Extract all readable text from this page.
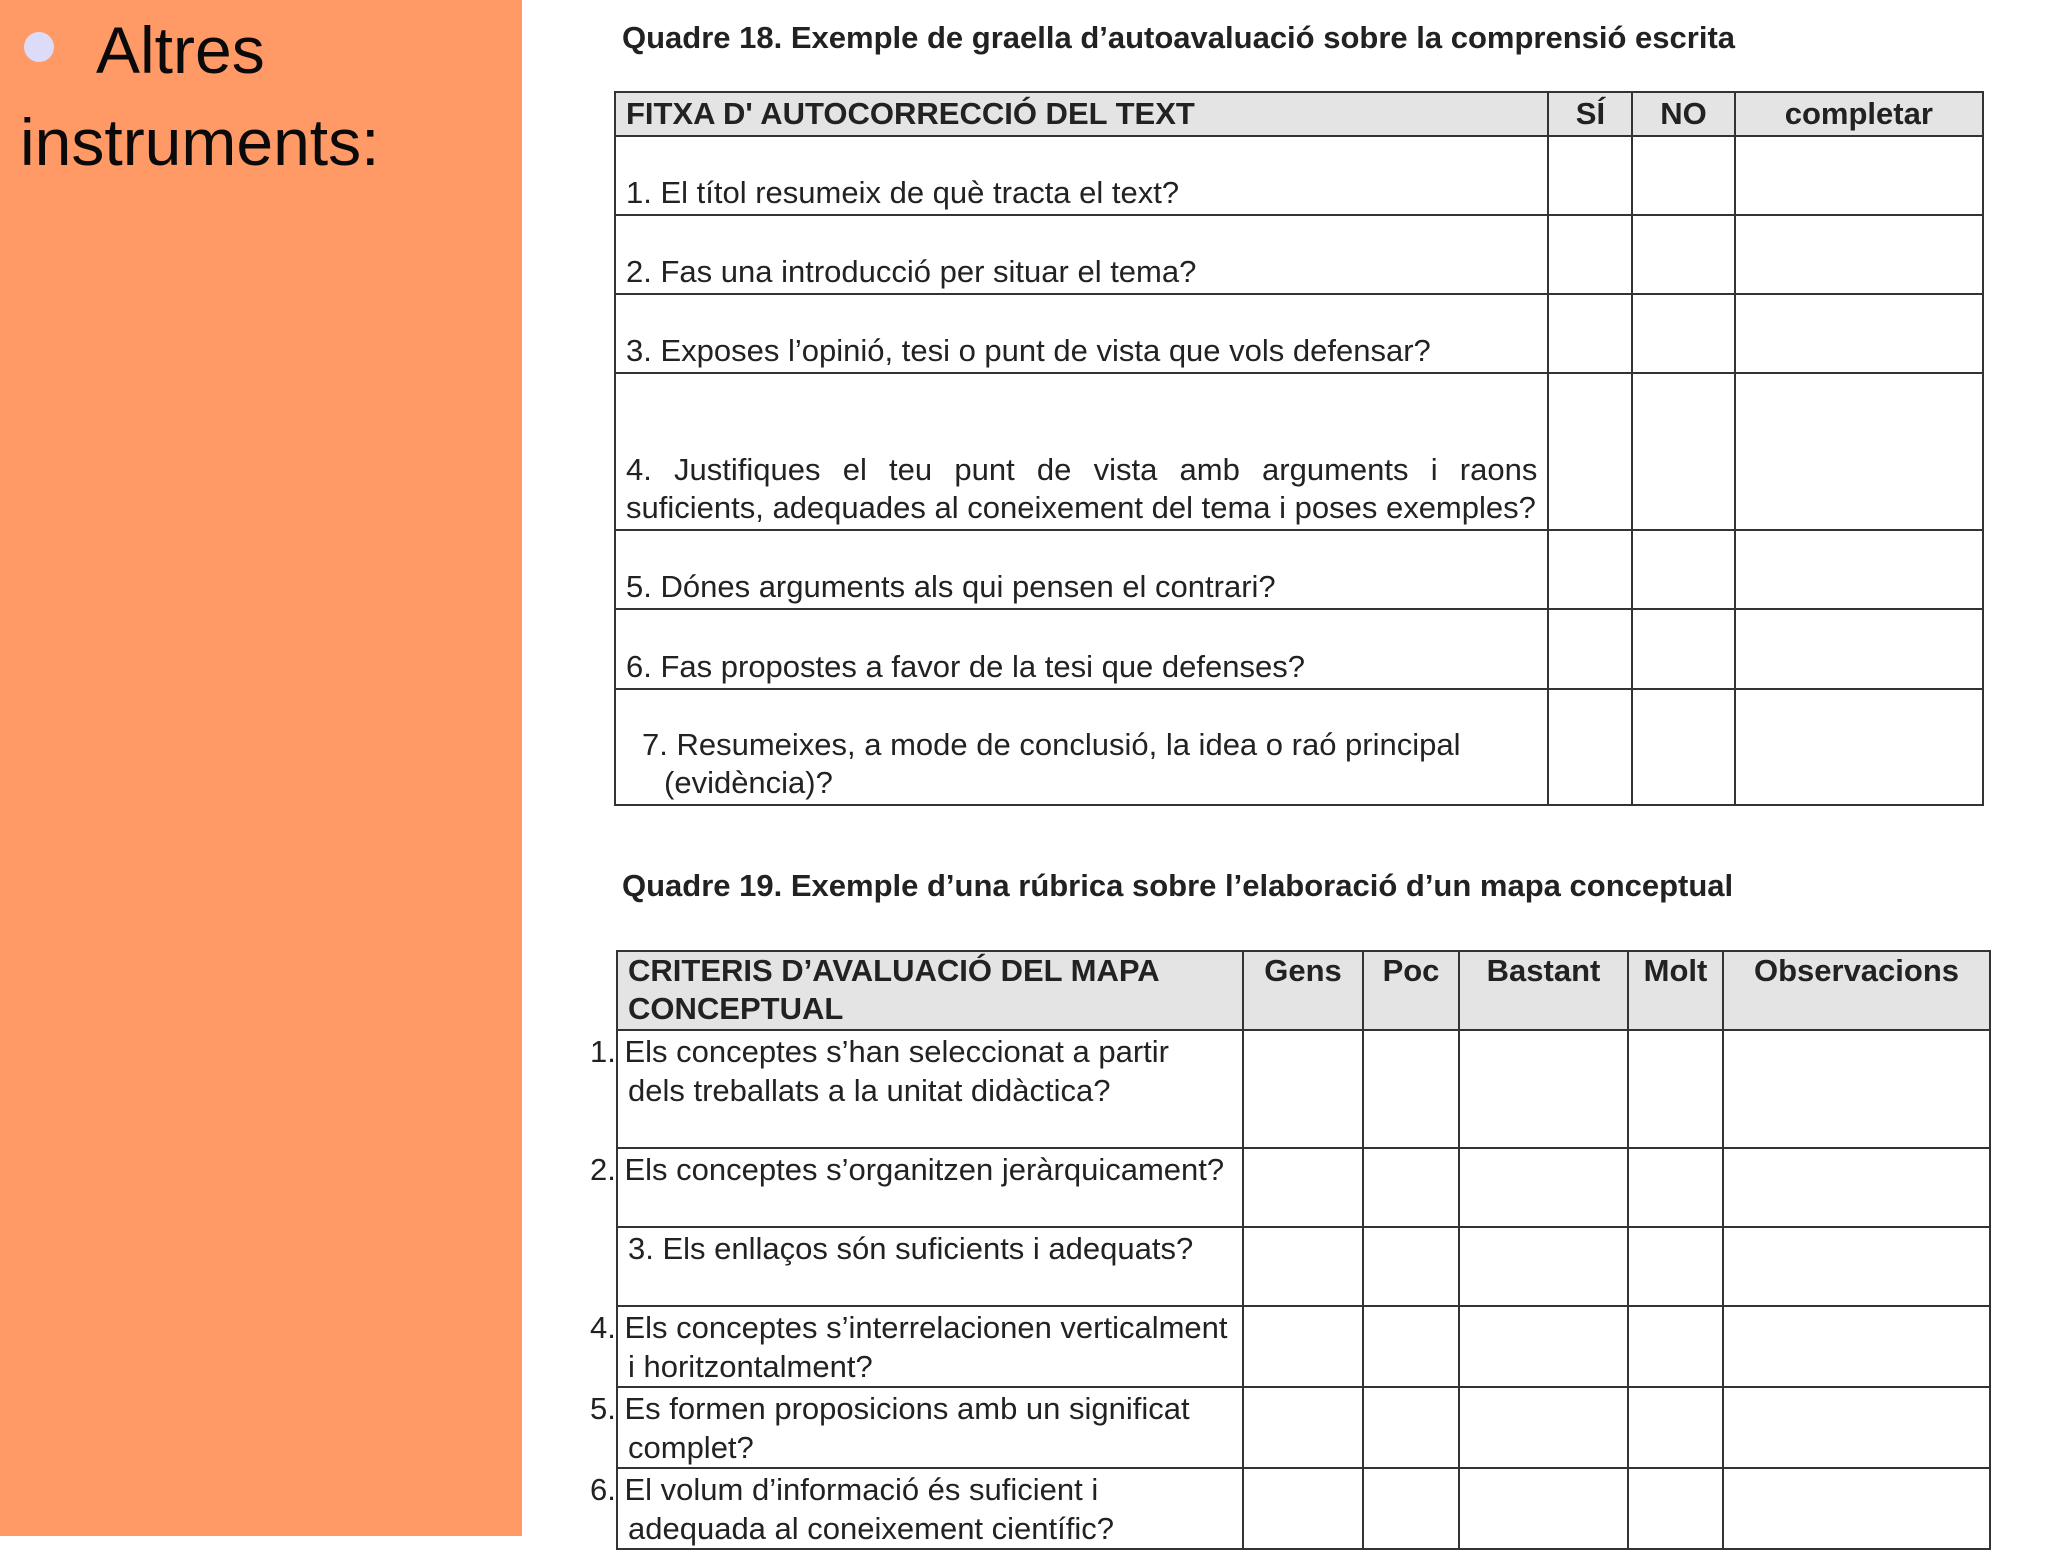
Altres
instruments:
Quadre 18. Exemple de graella d’autoavaluació sobre la comprensió escrita
FITXA D' AUTOCORRECCIÓ DEL TEXT	SÍ	NO	completar
1. El títol resumeix de què tracta el text?			
2. Fas una introducció per situar el tema?			
3. Exposes l’opinió, tesi o punt de vista que vols defensar?			
4. Justifiques el teu punt de vista amb arguments i raons suficients, adequades al coneixement del tema i poses exemples?			
5. Dónes arguments als qui pensen el contrari?			
6. Fas propostes a favor de la tesi que defenses?			
7. Resumeixes, a mode de conclusió, la idea o raó principal (evidència)?			
Quadre 19. Exemple d’una rúbrica sobre l’elaboració d’un mapa conceptual
CRITERIS D’AVALUACIÓ DEL MAPA CONCEPTUAL	Gens	Poc	Bastant	Molt	Observacions
1. Els conceptes s’han seleccionat a partir dels treballats a la unitat didàctica?					
2. Els conceptes s’organitzen jeràrquicament?					
3. Els enllaços són suficients i adequats?					
4. Els conceptes s’interrelacionen verticalment i horitzontalment?					
5. Es formen proposicions amb un significat complet?					
6. El volum d’informació és suficient i adequada al coneixement científic?					
